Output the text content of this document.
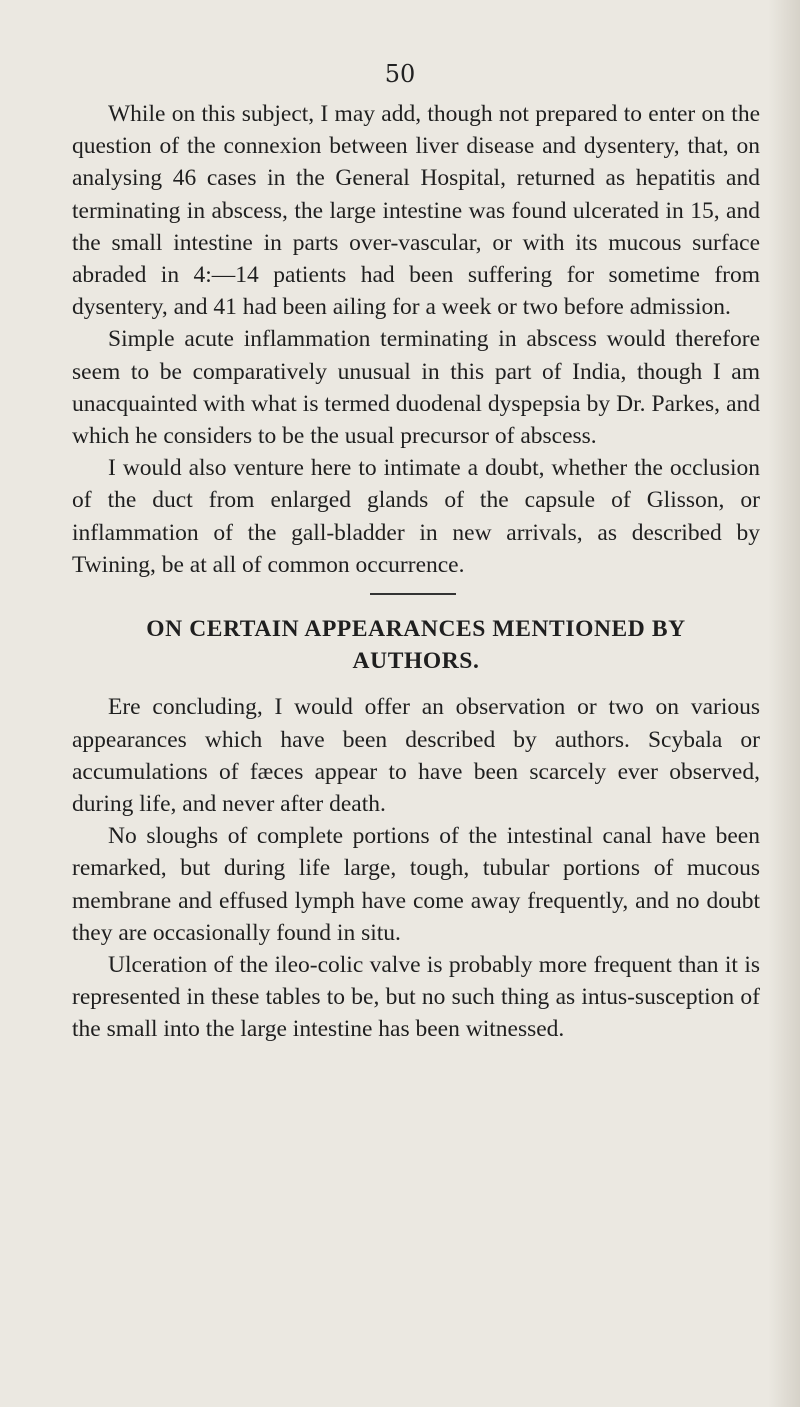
50

While on this subject, I may add, though not prepared to enter on the question of the connexion between liver disease and dysentery, that, on analysing 46 cases in the General Hospital, returned as hepatitis and terminating in abscess, the large intestine was found ulcerated in 15, and the small intestine in parts over-vascular, or with its mucous surface abraded in 4:—14 patients had been suffering for sometime from dysentery, and 41 had been ailing for a week or two before admission.

Simple acute inflammation terminating in abscess would therefore seem to be comparatively unusual in this part of India, though I am unacquainted with what is termed duodenal dyspepsia by Dr. Parkes, and which he considers to be the usual precursor of abscess.

I would also venture here to intimate a doubt, whether the occlusion of the duct from enlarged glands of the capsule of Glisson, or inflammation of the gall-bladder in new arrivals, as described by Twining, be at all of common occurrence.

ON CERTAIN APPEARANCES MENTIONED BY
AUTHORS.

Ere concluding, I would offer an observation or two on various appearances which have been described by authors. Scybala or accumulations of fæces appear to have been scarcely ever observed, during life, and never after death.

No sloughs of complete portions of the intestinal canal have been remarked, but during life large, tough, tubular portions of mucous membrane and effused lymph have come away frequently, and no doubt they are occasionally found in situ.

Ulceration of the ileo-colic valve is probably more frequent than it is represented in these tables to be, but no such thing as intus-susception of the small into the large intestine has been witnessed.
